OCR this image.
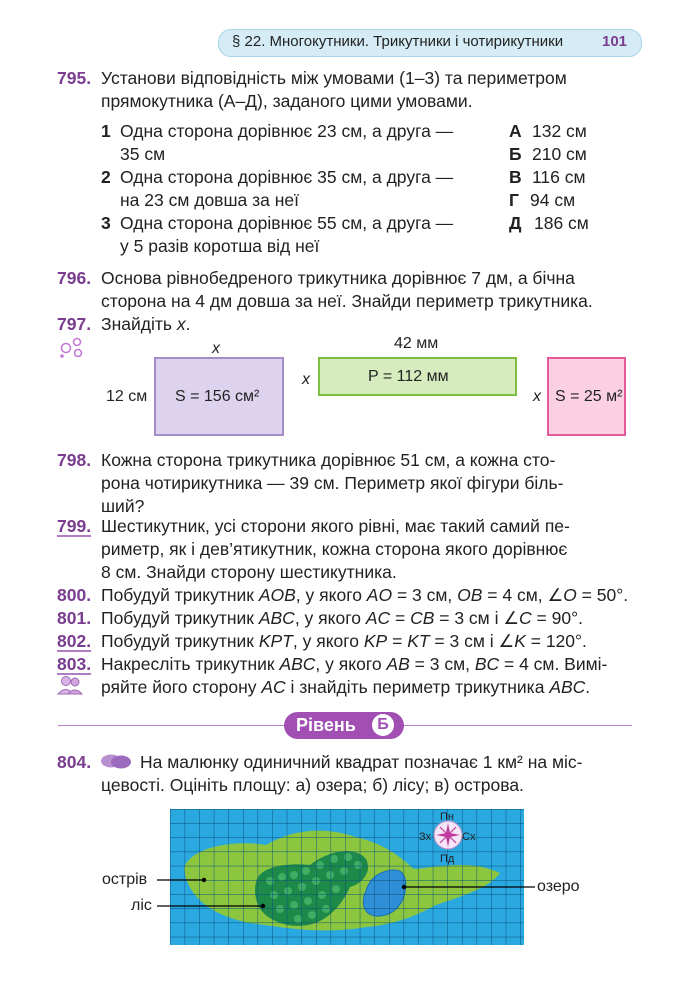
§ 22. Многокутники. Трикутники і чотирикутники	101
795. Установи відповідність між умовами (1–3) та периметром
прямокутника (А–Д), заданого цими умовами.
1 Одна сторона дорівнює 23 см, а друга —
35 см
2 Одна сторона дорівнює 35 см, а друга —
на 23 см довша за неї
3 Одна сторона дорівнює 55 см, а друга —
у 5 разів коротша від неї
А 132 см
Б 210 см
В 116 см
Г 94 см
Д 186 см
796. Основа рівнобедреного трикутника дорівнює 7 дм, а бічна
сторона на 4 дм довша за неї. Знайди периметр трикутника.
797. Знайдіть x.
x
12 см S = 156 см²
42 мм
x	P = 112 мм
x S = 25 м²
798. Кожна сторона трикутника дорівнює 51 см, а кожна сто-
рона чотирикутника — 39 см. Периметр якої фігури біль-
ший?
799. Шестикутник, усі сторони якого рівні, має такий самий пе-
риметр, як і дев’ятикутник, кожна сторона якого дорівнює
8 см. Знайди сторону шестикутника.
800. Побудуй трикутник AOB, у якого AO = 3 см, OB = 4 см, ∠O = 50°.
801. Побудуй трикутник ABC, у якого AC = CB = 3 см і ∠C = 90°.
802. Побудуй трикутник KPT, у якого KP = KT = 3 см і ∠K = 120°.
803. Накресліть трикутник ABC, у якого AB = 3 см, BC = 4 см. Вимі-
ряйте його сторону AC і знайдіть периметр трикутника ABC.
Рівень	Б
804.	На малюнку одиничний квадрат позначає 1 км² на міс-
цевості. Оцініть площу: а) озера; б) лісу; в) острова.
Пн
Пд
Зх	Сх
острів
ліс
озеро
